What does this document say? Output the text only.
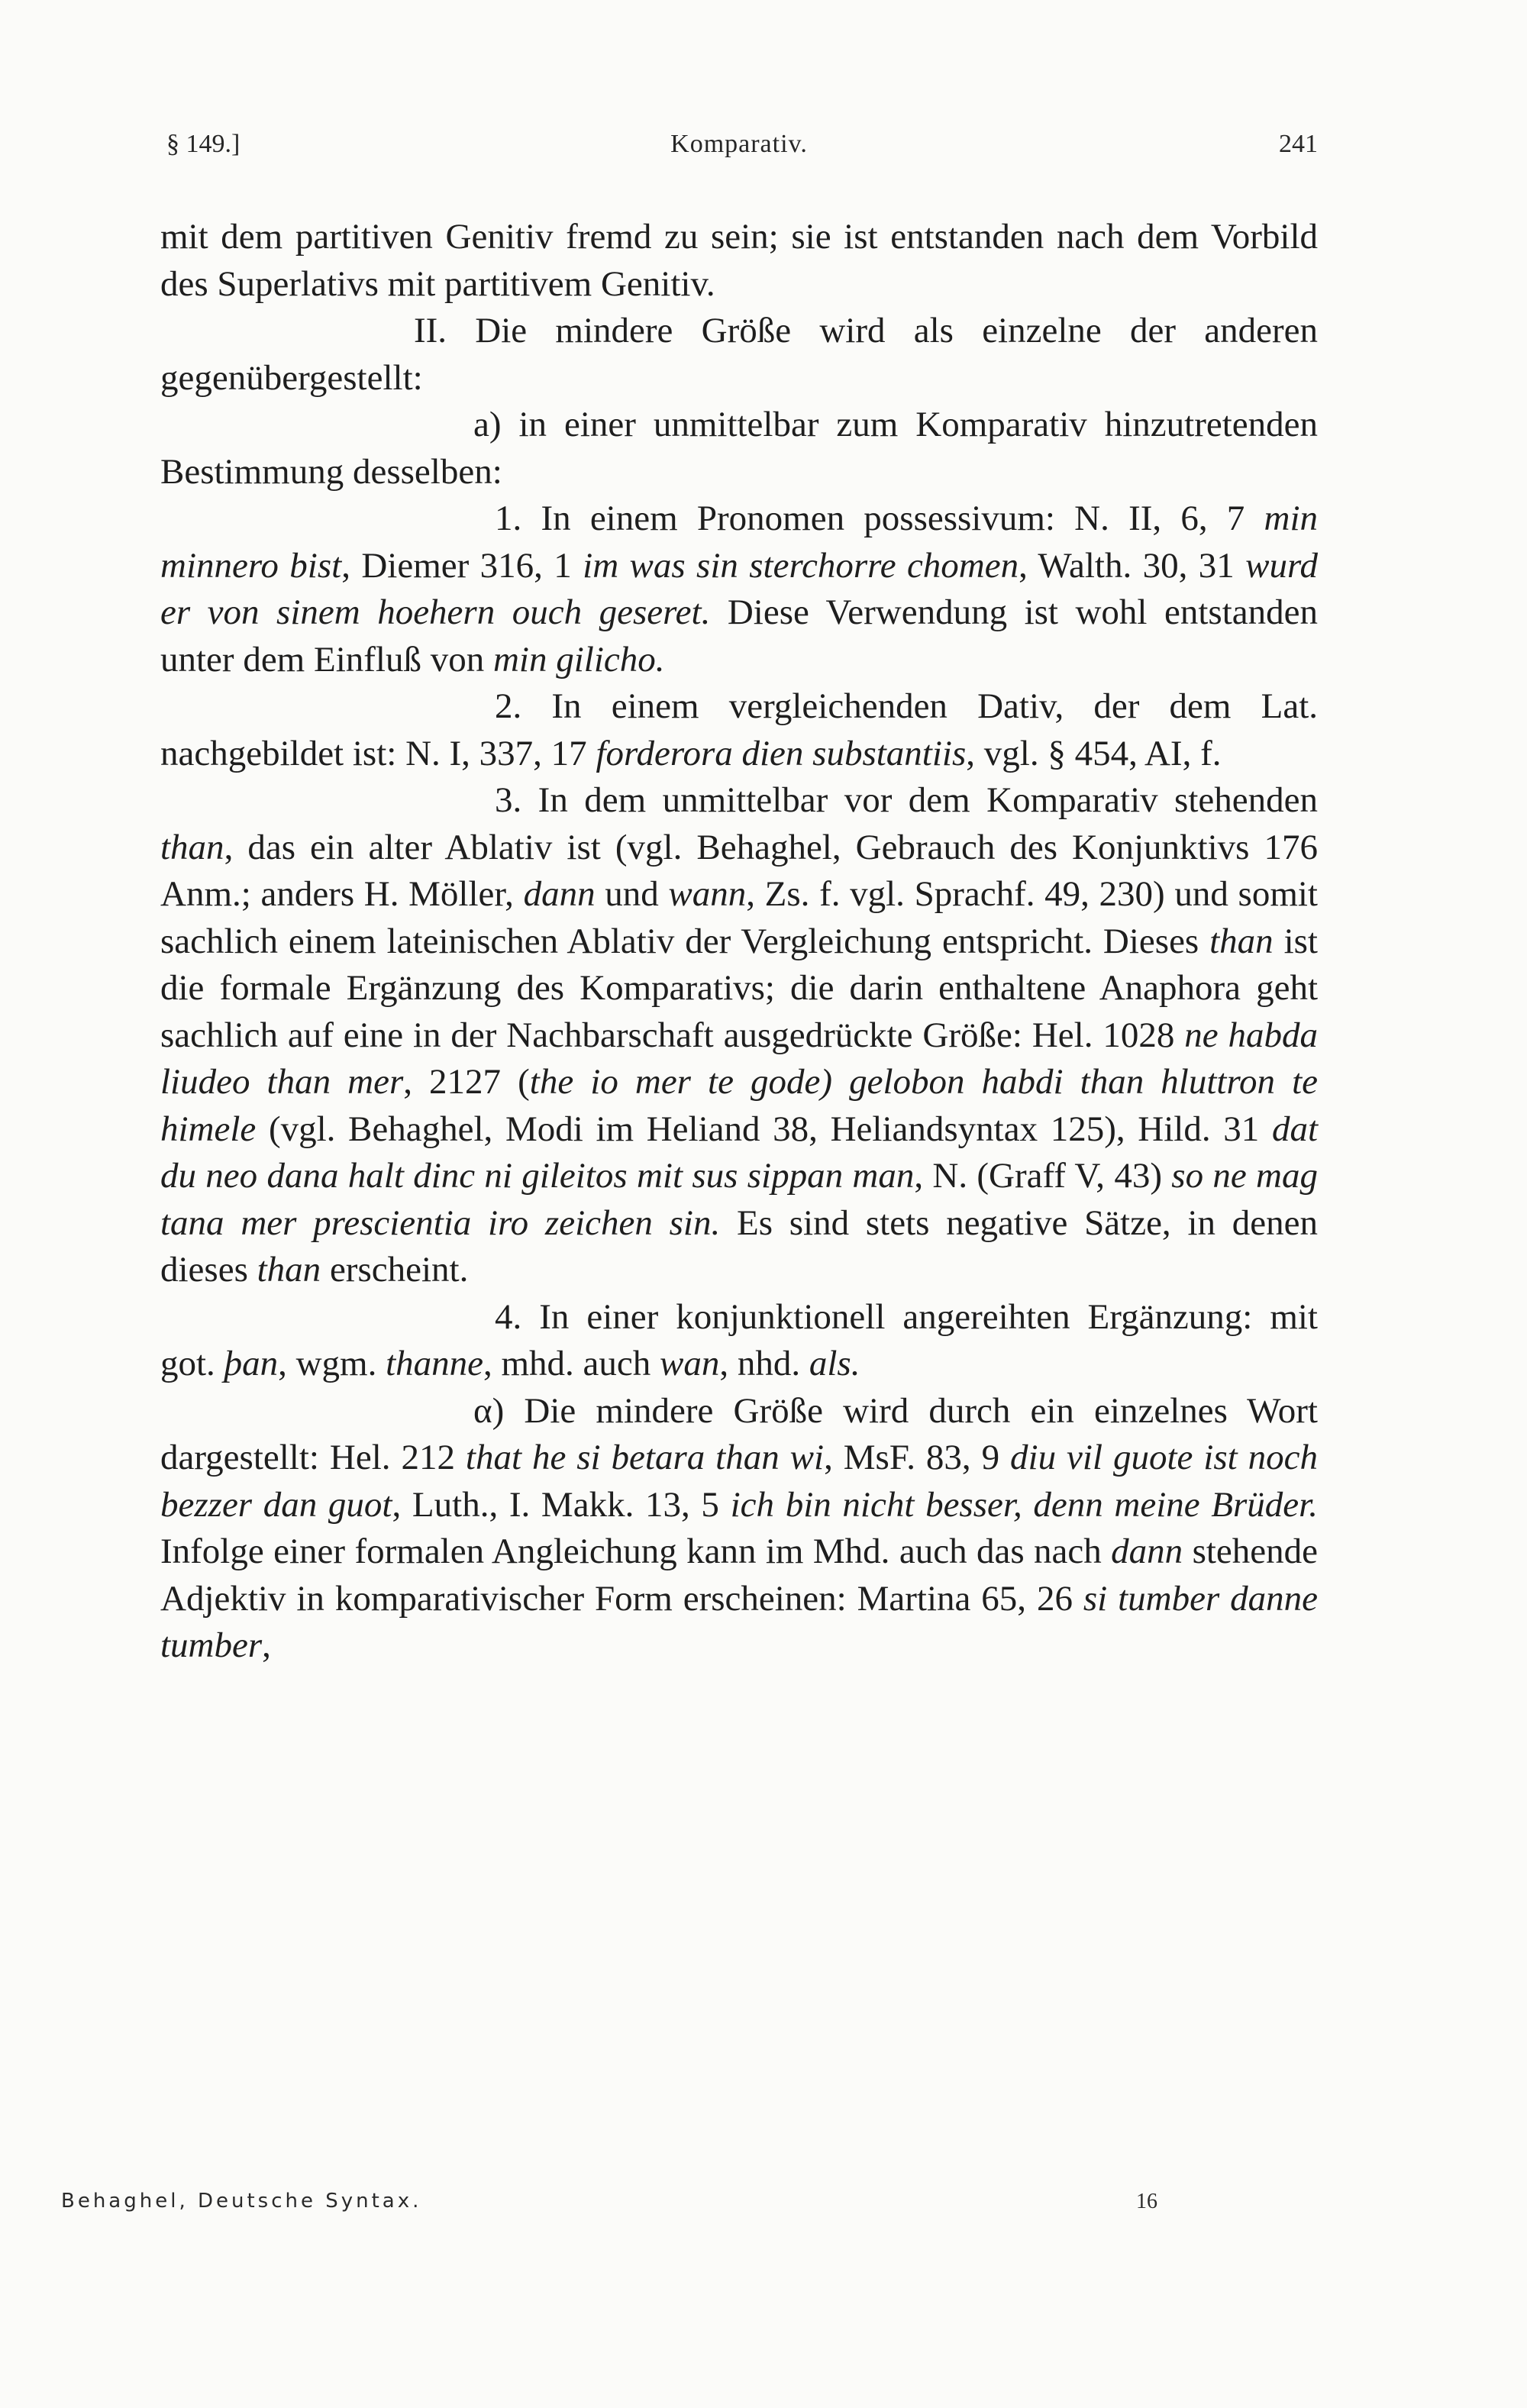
§ 149.]	Komparativ.	241

mit dem partitiven Genitiv fremd zu sein; sie ist entstanden nach dem Vorbild des Superlativs mit partitivem Genitiv.

II. Die mindere Größe wird als einzelne der anderen gegenübergestellt:

a) in einer unmittelbar zum Komparativ hinzutretenden Bestimmung desselben:

1. In einem Pronomen possessivum: N. II, 6, 7 min minnero bist, Diemer 316, 1 im was sin sterchorre chomen, Walth. 30, 31 wurd er von sinem hoehern ouch geseret. Diese Verwendung ist wohl entstanden unter dem Einfluß von min gilicho.

2. In einem vergleichenden Dativ, der dem Lat. nachgebildet ist: N. I, 337, 17 forderora dien substantiis, vgl. § 454, AI, f.

3. In dem unmittelbar vor dem Komparativ stehenden than, das ein alter Ablativ ist (vgl. Behaghel, Gebrauch des Konjunktivs 176 Anm.; anders H. Möller, dann und wann, Zs. f. vgl. Sprachf. 49, 230) und somit sachlich einem lateinischen Ablativ der Vergleichung entspricht. Dieses than ist die formale Ergänzung des Komparativs; die darin enthaltene Anaphora geht sachlich auf eine in der Nachbarschaft ausgedrückte Größe: Hel. 1028 ne habda liudeo than mer, 2127 (the io mer te gode) gelobon habdi than hluttron te himele (vgl. Behaghel, Modi im Heliand 38, Heliandsyntax 125), Hild. 31 dat du neo dana halt dinc ni gileitos mit sus sippan man, N. (Graff V, 43) so ne mag tana mer prescientia iro zeichen sin. Es sind stets negative Sätze, in denen dieses than erscheint.

4. In einer konjunktionell angereihten Ergänzung: mit got. þan, wgm. thanne, mhd. auch wan, nhd. als.

α) Die mindere Größe wird durch ein einzelnes Wort dargestellt: Hel. 212 that he si betara than wi, MsF. 83, 9 diu vil guote ist noch bezzer dan guot, Luth., I. Makk. 13, 5 ich bin nicht besser, denn meine Brüder. Infolge einer formalen Angleichung kann im Mhd. auch das nach dann stehende Adjektiv in komparativischer Form erscheinen: Martina 65, 26 si tumber danne tumber,

Behaghel, Deutsche Syntax.	16
